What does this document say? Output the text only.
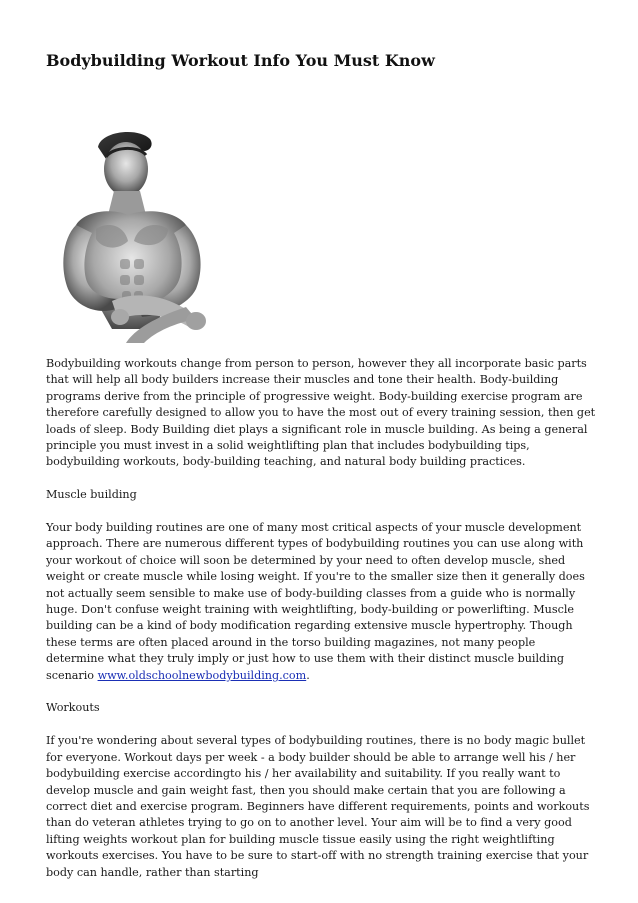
Bodybuilding Workout Info You Must Know

Bodybuilding workouts change from person to person, however they all incorporate basic parts that will help all body builders increase their muscles and tone their health. Body-building programs derive from the principle of progressive weight. Body-building exercise program are therefore carefully designed to allow you to have the most out of every training session, then get loads of sleep. Body Building diet plays a significant role in muscle building. As being a general principle you must invest in a solid weightlifting plan that includes bodybuilding tips, bodybuilding workouts, body-building teaching, and natural body building practices.

Muscle building

Your body building routines are one of many most critical aspects of your muscle development approach. There are numerous different types of bodybuilding routines you can use along with your workout of choice will soon be determined by your need to often develop muscle, shed weight or create muscle while losing weight. If you're to the smaller size then it generally does not actually seem sensible to make use of body-building classes from a guide who is normally huge. Don't confuse weight training with weightlifting, body-building or powerlifting. Muscle building can be a kind of body modification regarding extensive muscle hypertrophy. Though these terms are often placed around in the torso building magazines, not many people determine what they truly imply or just how to use them with their distinct muscle building scenario www.oldschoolnewbodybuilding.com.

Workouts

If you're wondering about several types of bodybuilding routines, there is no body magic bullet for everyone. Workout days per week - a body builder should be able to arrange well his / her bodybuilding exercise accordingto his / her availability and suitability. If you really want to develop muscle and gain weight fast, then you should make certain that you are following a correct diet and exercise program. Beginners have different requirements, points and workouts than do veteran athletes trying to go on to another level. Your aim will be to find a very good lifting weights workout plan for building muscle tissue easily using the right weightlifting workouts exercises. You have to be sure to start-off with no strength training exercise that your body can handle, rather than starting
